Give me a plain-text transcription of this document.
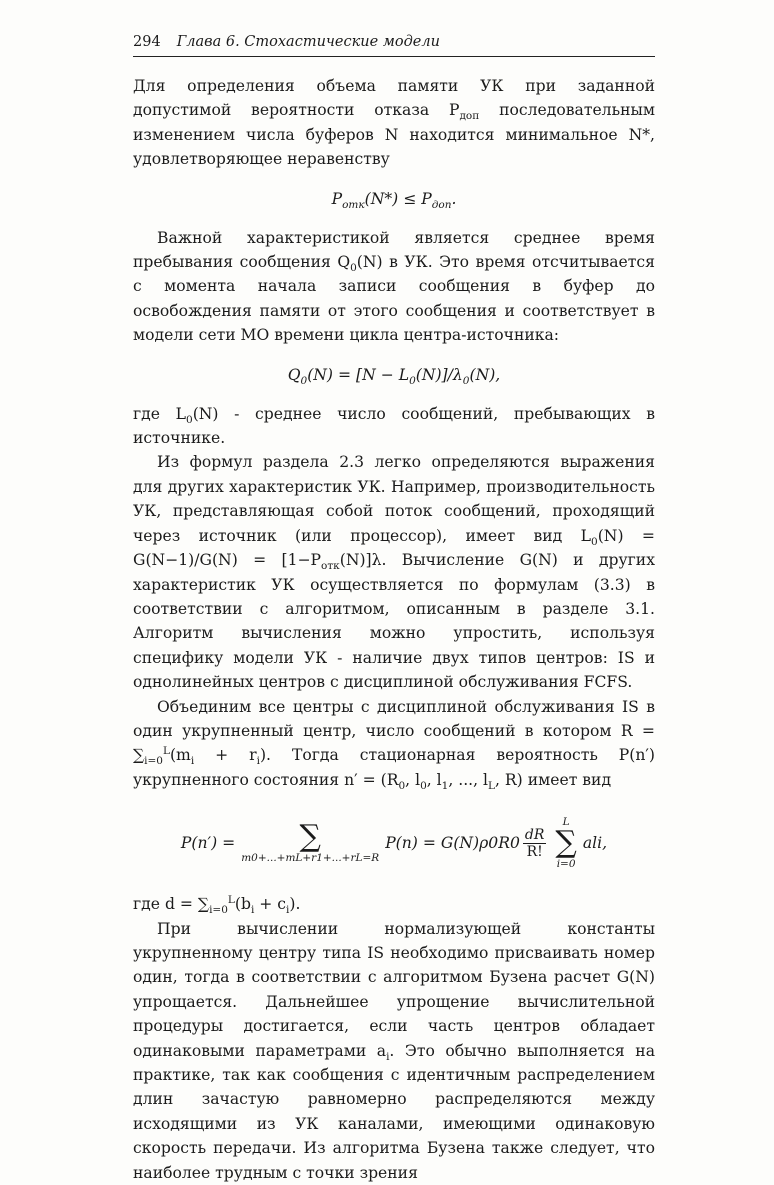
294 Глава 6. Стохастические модели

Для определения объема памяти УК при заданной допустимой вероятности отказа $P_{доп}$ последовательным изменением числа буферов N находится минимальное N*, удовлетворяющее неравенству

$P_{отк}(N*) \le P_{доп}$.

Важной характеристикой является среднее время пребывания сообщения $Q_0(N)$ в УК. Это время отсчитывается с момента начала записи сообщения в буфер до освобождения памяти от этого сообщения и соответствует в модели сети МО времени цикла центра-источника:

$Q_0(N) = [N - L_0(N)]/\lambda_0(N)$,

где $L_0(N)$ - среднее число сообщений, пребывающих в источнике.

Из формул раздела 2.3 легко определяются выражения для других характеристик УК. Например, производительность УК, представляющая собой поток сообщений, проходящий через источник (или процессор), имеет вид $L_0(N) = G(N-1)/G(N) = [1-P_{отк}(N)]\lambda$. Вычисление G(N) и других характеристик УК осуществляется по формулам (3.3) в соответствии с алгоритмом, описанным в разделе 3.1. Алгоритм вычисления можно упростить, используя специфику модели УК - наличие двух типов центров: IS и однолинейных центров с дисциплиной обслуживания FCFS.

Объединим все центры с дисциплиной обслуживания IS в один укрупненный центр, число сообщений в котором $R = \sum_{i=0}^L(m_i + r_i)$. Тогда стационарная вероятность P(n′) укрупненного состояния $n' = (R_0$, $l_0$, $l_1$, ..., $l_L$, R) имеет вид

P(n′) = ∑
m0+...+mL+r1+...+rL=R
$P(n) = G(N)\rho 0R0 \frac{dR}{R!}$
L
∑
i=0
ali,

где $d = \sum_{i=0}^L(b_i + c_i)$.

При вычислении нормализующей константы укрупненному центру типа IS необходимо присваивать номер один, тогда в соответствии с алгоритмом Бузена расчет G(N) упрощается. Дальнейшее упрощение вычислительной процедуры достигается, если часть центров обладает одинаковыми параметрами $a_i$. Это обычно выполняется на практике, так как сообщения с идентичным распределением длин зачастую равномерно распределяются между исходящими из УК каналами, имеющими одинаковую скорость передачи. Из алгоритма Бузена также следует, что наиболее трудным с точки зрения
